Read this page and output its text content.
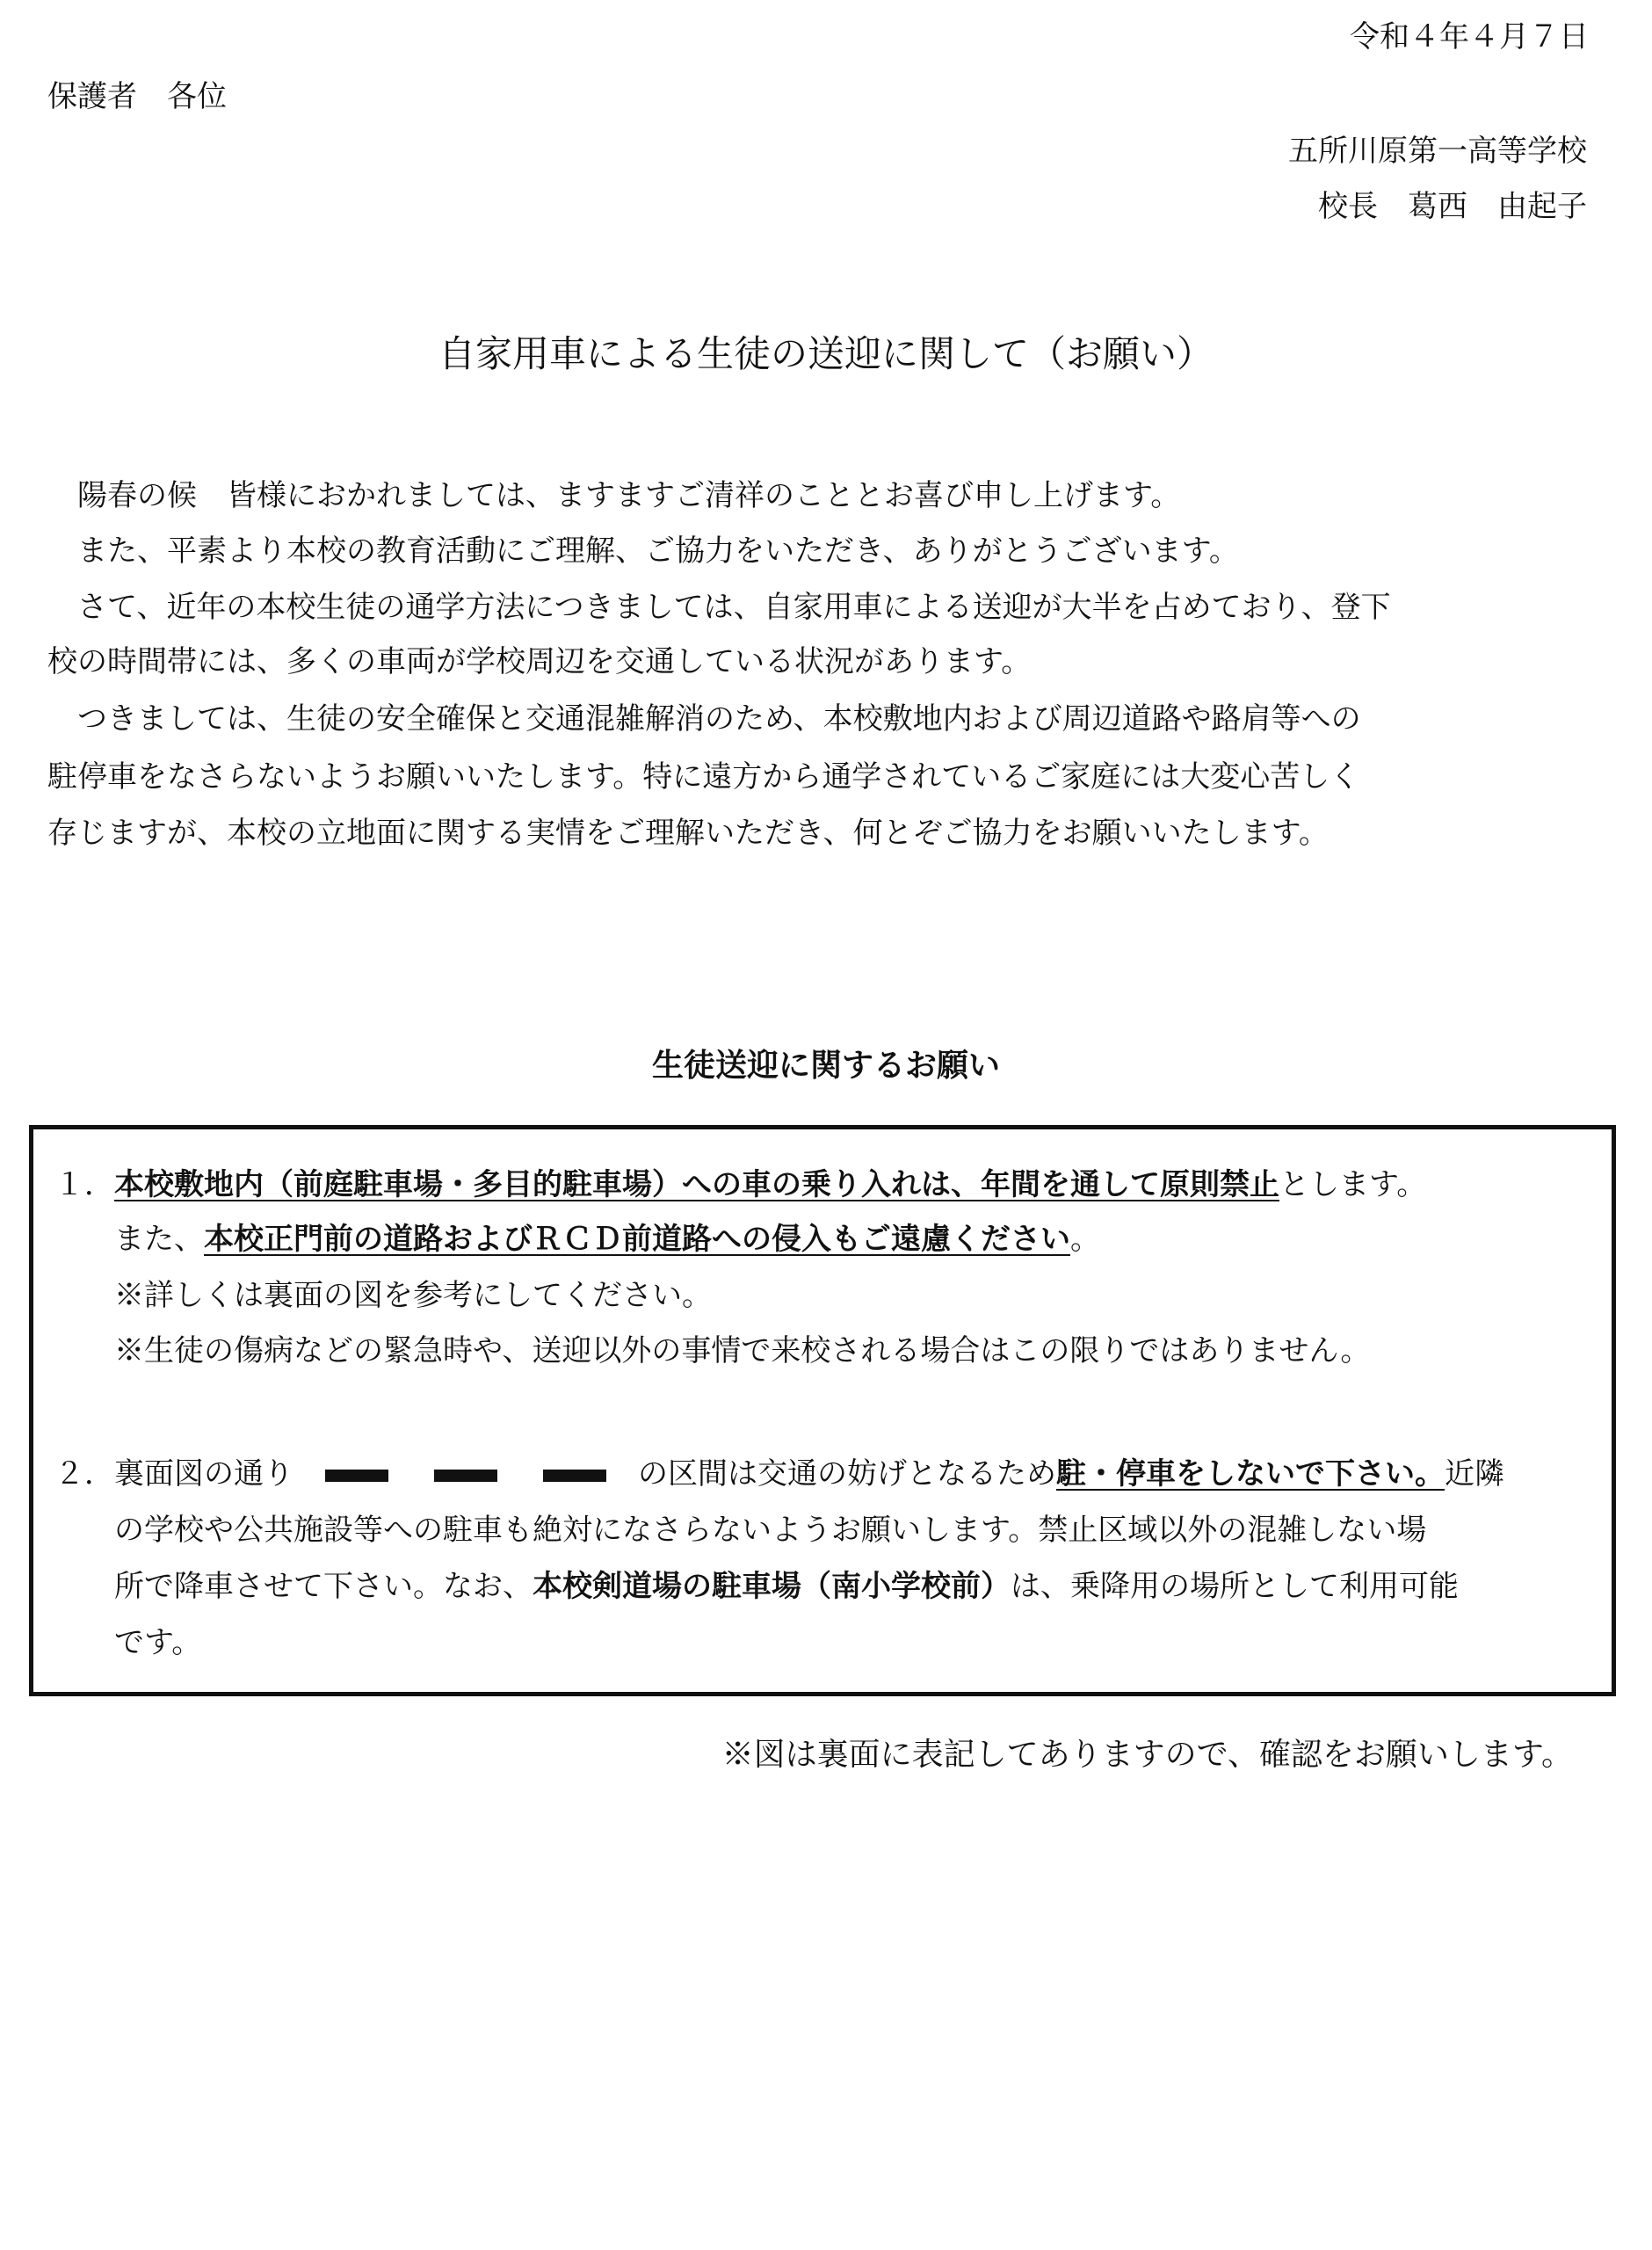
令和４年４月７日
保護者　各位
五所川原第一高等学校
校長　葛西　由起子
自家用車による生徒の送迎に関して（お願い）
　陽春の候　皆様におかれましては、ますますご清祥のこととお喜び申し上げます。
　また、平素より本校の教育活動にご理解、ご協力をいただき、ありがとうございます。
　さて、近年の本校生徒の通学方法につきましては、自家用車による送迎が大半を占めており、登下
校の時間帯には、多くの車両が学校周辺を交通している状況があります。
　つきましては、生徒の安全確保と交通混雑解消のため、本校敷地内および周辺道路や路肩等への
駐停車をなさらないようお願いいたします。特に遠方から通学されているご家庭には大変心苦しく
存じますが、本校の立地面に関する実情をご理解いただき、何とぞご協力をお願いいたします。
生徒送迎に関するお願い
１．本校敷地内（前庭駐車場・多目的駐車場）への車の乗り入れは、年間を通して原則禁止とします。
また、本校正門前の道路およびＲＣＤ前道路への侵入もご遠慮ください。
※詳しくは裏面の図を参考にしてください。
※生徒の傷病などの緊急時や、送迎以外の事情で来校される場合はこの限りではありません。
２．裏面図の通り	の区間は交通の妨げとなるため駐・停車をしないで下さい。近隣
の学校や公共施設等への駐車も絶対になさらないようお願いします。禁止区域以外の混雑しない場
所で降車させて下さい。なお、本校剣道場の駐車場（南小学校前）は、乗降用の場所として利用可能
です。
※図は裏面に表記してありますので、確認をお願いします。
